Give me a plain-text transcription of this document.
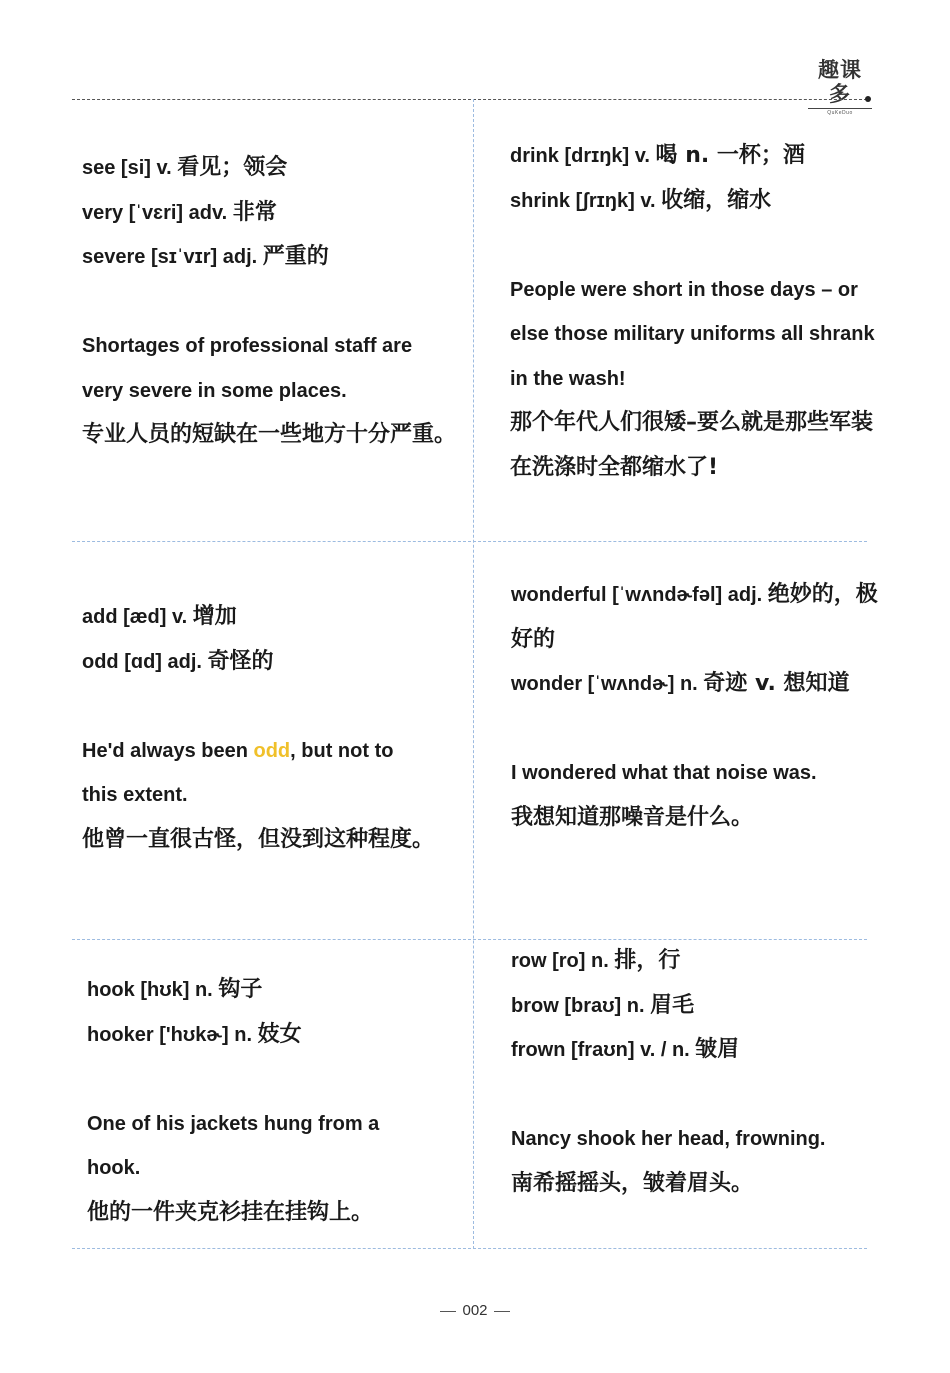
趣课多
QuKeDuo
see [si] v. 看见；领会
very [ˈvɛri] adv. 非常
severe [sɪˈvɪr] adj. 严重的
Shortages of professional staff are very severe in some places.
专业人员的短缺在一些地方十分严重。
drink [drɪŋk] v. 喝 n. 一杯；酒
shrink [ʃrɪŋk] v. 收缩，缩水
People were short in those days – or else those military uniforms all shrank in the wash!
那个年代人们很矮–要么就是那些军装在洗涤时全都缩水了!
add [æd] v. 增加
odd [ɑd] adj. 奇怪的
He'd always been odd, but not to this extent.
他曾一直很古怪，但没到这种程度。
wonderful [ˈwʌndɚfəl] adj. 绝妙的，极好的
wonder [ˈwʌndɚ] n. 奇迹 v. 想知道
I wondered what that noise was.
我想知道那噪音是什么。
hook [hʊk] n. 钩子
hooker ['hʊkɚ] n. 妓女
One of his jackets hung from a hook.
他的一件夹克衫挂在挂钩上。
row [ro] n. 排，行
brow [braʊ] n. 眉毛
frown [fraʊn] v. / n. 皱眉
Nancy shook her head, frowning.
南希摇摇头，皱着眉头。
002
